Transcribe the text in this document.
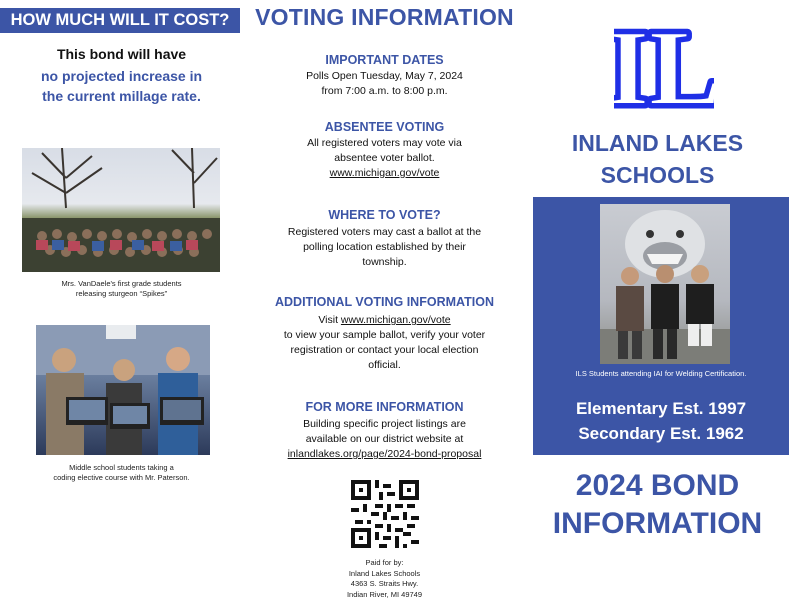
HOW MUCH WILL IT COST?
This bond will have
no projected increase in
the current millage rate.
Mrs. VanDaele's first grade students
releasing sturgeon “Spikes”
Middle school students taking a
coding elective course with Mr. Paterson.
VOTING INFORMATION
IMPORTANT DATES
Polls Open Tuesday, May 7, 2024
from 7:00 a.m. to 8:00 p.m.
ABSENTEE VOTING
All registered voters may vote via
absentee voter ballot.
www.michigan.gov/vote
WHERE TO VOTE?
Registered voters may cast a ballot at the
polling location established by their
township.
ADDITIONAL VOTING INFORMATION
Visit www.michigan.gov/vote
to view your sample ballot, verify your voter
registration or contact your local election
official.
FOR MORE INFORMATION
Building specific project listings are
available on our district website at
inlandlakes.org/page/2024-bond-proposal
Paid for by:
Inland Lakes Schools
4363 S. Straits Hwy.
Indian River, MI 49749
IL
IL
INLAND LAKES
SCHOOLS
ILS Students attending IAI for Welding Certification.
Elementary Est. 1997
Secondary Est. 1962
2024 BOND
INFORMATION
